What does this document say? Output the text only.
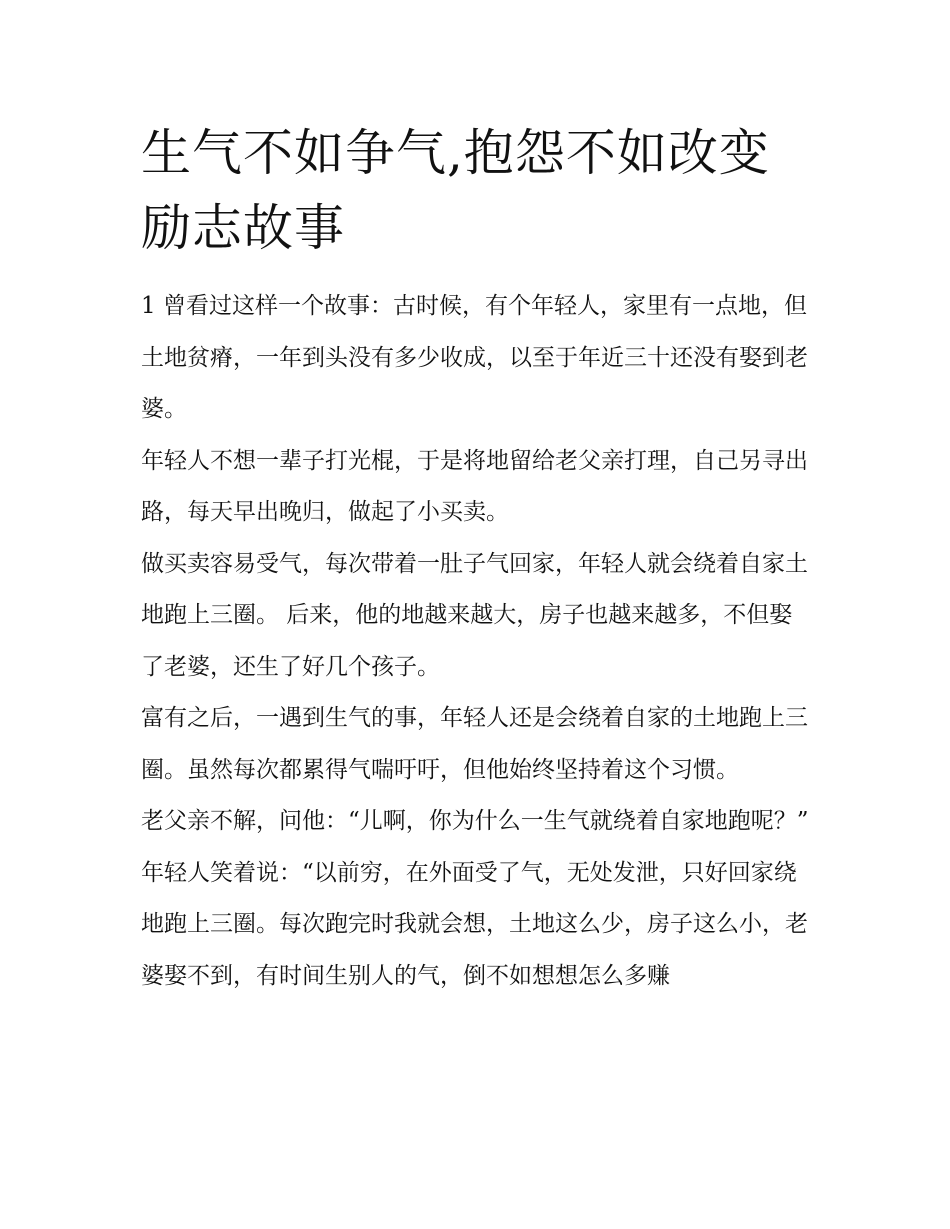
生气不如争气,抱怨不如改变励志故事

1 曾看过这样一个故事：古时候，有个年轻人，家里有一点地，但土地贫瘠，一年到头没有多少收成，以至于年近三十还没有娶到老婆。

年轻人不想一辈子打光棍，于是将地留给老父亲打理，自己另寻出路，每天早出晚归，做起了小买卖。

做买卖容易受气，每次带着一肚子气回家，年轻人就会绕着自家土地跑上三圈。 后来，他的地越来越大，房子也越来越多，不但娶了老婆，还生了好几个孩子。

富有之后，一遇到生气的事，年轻人还是会绕着自家的土地跑上三圈。虽然每次都累得气喘吁吁，但他始终坚持着这个习惯。

老父亲不解，问他：“儿啊，你为什么一生气就绕着自家地跑呢？”

年轻人笑着说：“以前穷，在外面受了气，无处发泄，只好回家绕地跑上三圈。每次跑完时我就会想，土地这么少，房子这么小，老婆娶不到，有时间生别人的气，倒不如想想怎么多赚
